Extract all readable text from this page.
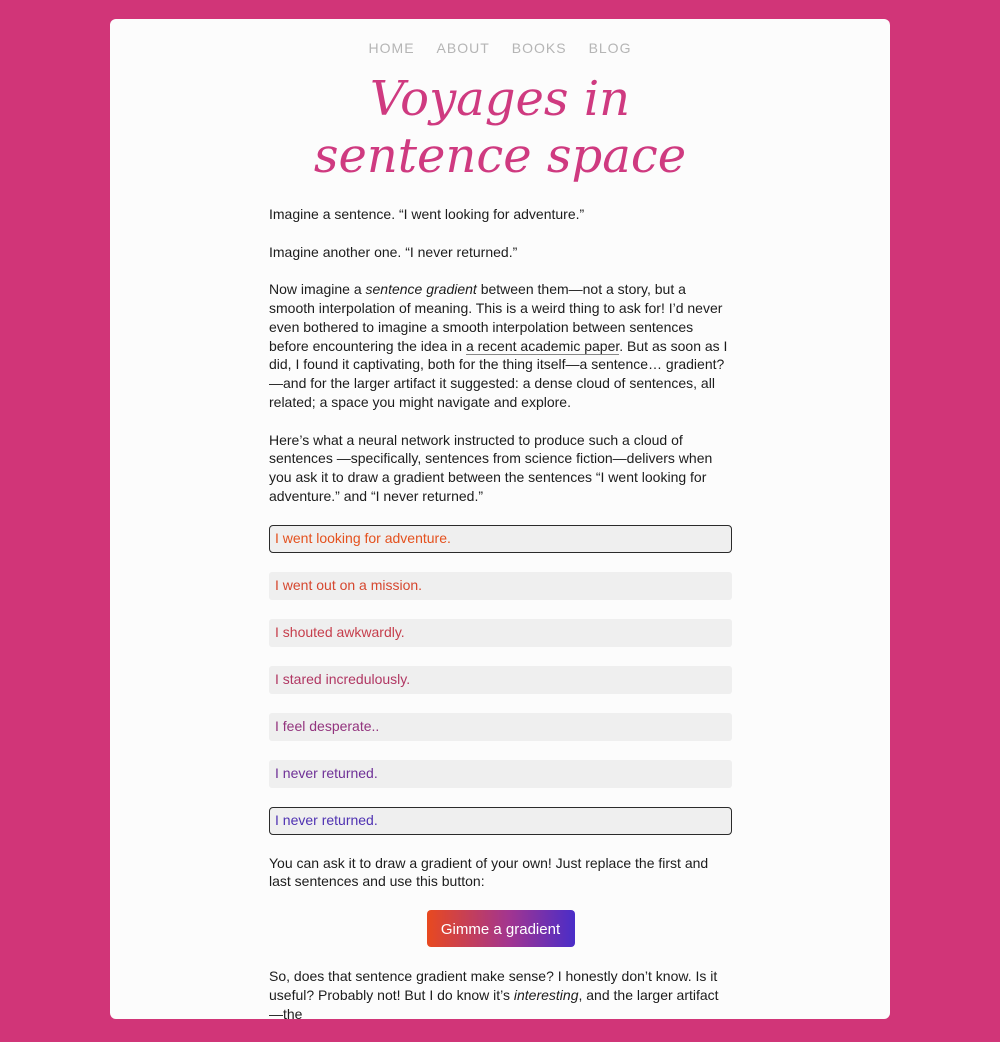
HOME ABOUT BOOKS BLOG
Voyages in
sentence space

Imagine a sentence. “I went looking for adventure.”

Imagine another one. “I never returned.”

Now imagine a sentence gradient between them—not a story, but a smooth interpolation of meaning. This is a weird thing to ask for! I’d never even bothered to imagine a smooth interpolation between sentences before encountering the idea in a recent academic paper. But as soon as I did, I found it captivating, both for the thing itself—a sentence… gradient?—and for the larger artifact it suggested: a dense cloud of sentences, all related; a space you might navigate and explore.

Here’s what a neural network instructed to produce such a cloud of sentences —specifically, sentences from science fiction—delivers when you ask it to draw a gradient between the sentences “I went looking for adventure.” and “I never returned.”

I went looking for adventure.
I went out on a mission.
I shouted awkwardly.
I stared incredulously.
I feel desperate..
I never returned.
I never returned.

You can ask it to draw a gradient of your own! Just replace the first and last sentences and use this button:

Gimme a gradient

So, does that sentence gradient make sense? I honestly don’t know. Is it useful? Probably not! But I do know it’s interesting, and the larger artifact—the
